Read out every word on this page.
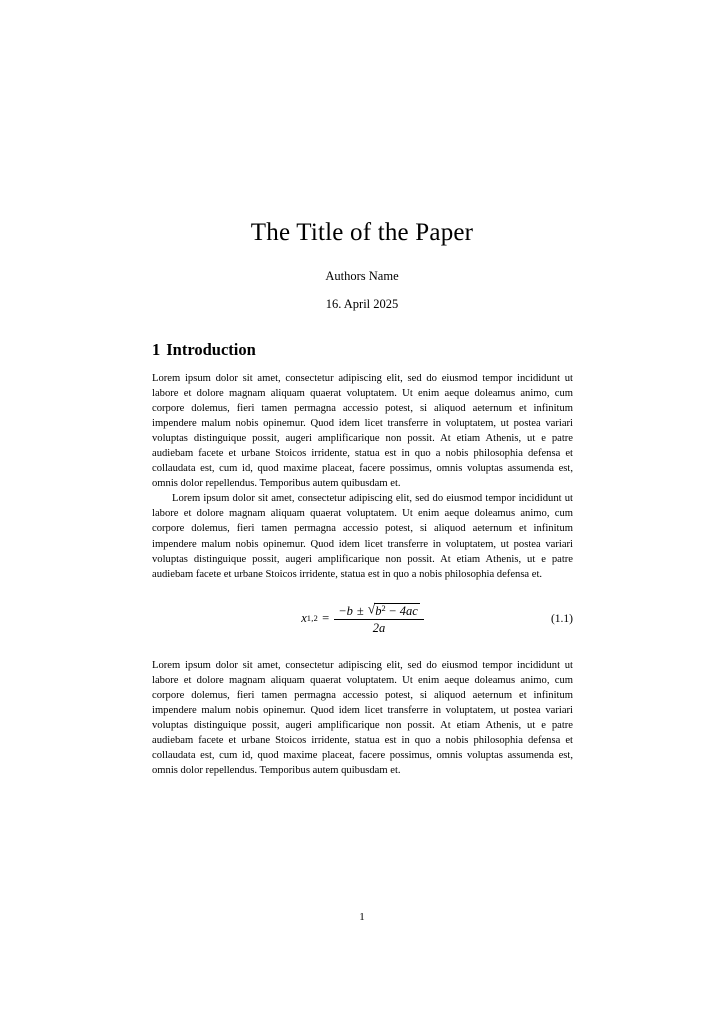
The Title of the Paper

Authors Name

16. April 2025

1 Introduction

Lorem ipsum dolor sit amet, consectetur adipiscing elit, sed do eiusmod tempor incididunt ut labore et dolore magnam aliquam quaerat voluptatem. Ut enim aeque doleamus animo, cum corpore dolemus, fieri tamen permagna accessio potest, si aliquod aeternum et infinitum impendere malum nobis opinemur. Quod idem licet transferre in voluptatem, ut postea variari voluptas distinguique possit, augeri amplificarique non possit. At etiam Athenis, ut e patre audiebam facete et urbane Stoicos irridente, statua est in quo a nobis philosophia defensa et collaudata est, cum id, quod maxime placeat, facere possimus, omnis voluptas assumenda est, omnis dolor repellendus. Temporibus autem quibusdam et.

Lorem ipsum dolor sit amet, consectetur adipiscing elit, sed do eiusmod tempor incididunt ut labore et dolore magnam aliquam quaerat voluptatem. Ut enim aeque doleamus animo, cum corpore dolemus, fieri tamen permagna accessio potest, si aliquod aeternum et infinitum impendere malum nobis opinemur. Quod idem licet transferre in voluptatem, ut postea variari voluptas distinguique possit, augeri amplificarique non possit. At etiam Athenis, ut e patre audiebam facete et urbane Stoicos irridente, statua est in quo a nobis philosophia defensa et.

x 1,2 =
−b ± √ b 2 − 4ac
2a
(1.1)

Lorem ipsum dolor sit amet, consectetur adipiscing elit, sed do eiusmod tempor incididunt ut labore et dolore magnam aliquam quaerat voluptatem. Ut enim aeque doleamus animo, cum corpore dolemus, fieri tamen permagna accessio potest, si aliquod aeternum et infinitum impendere malum nobis opinemur. Quod idem licet transferre in voluptatem, ut postea variari voluptas distinguique possit, augeri amplificarique non possit. At etiam Athenis, ut e patre audiebam facete et urbane Stoicos irridente, statua est in quo a nobis philosophia defensa et collaudata est, cum id, quod maxime placeat, facere possimus, omnis voluptas assumenda est, omnis dolor repellendus. Temporibus autem quibusdam et.

1
